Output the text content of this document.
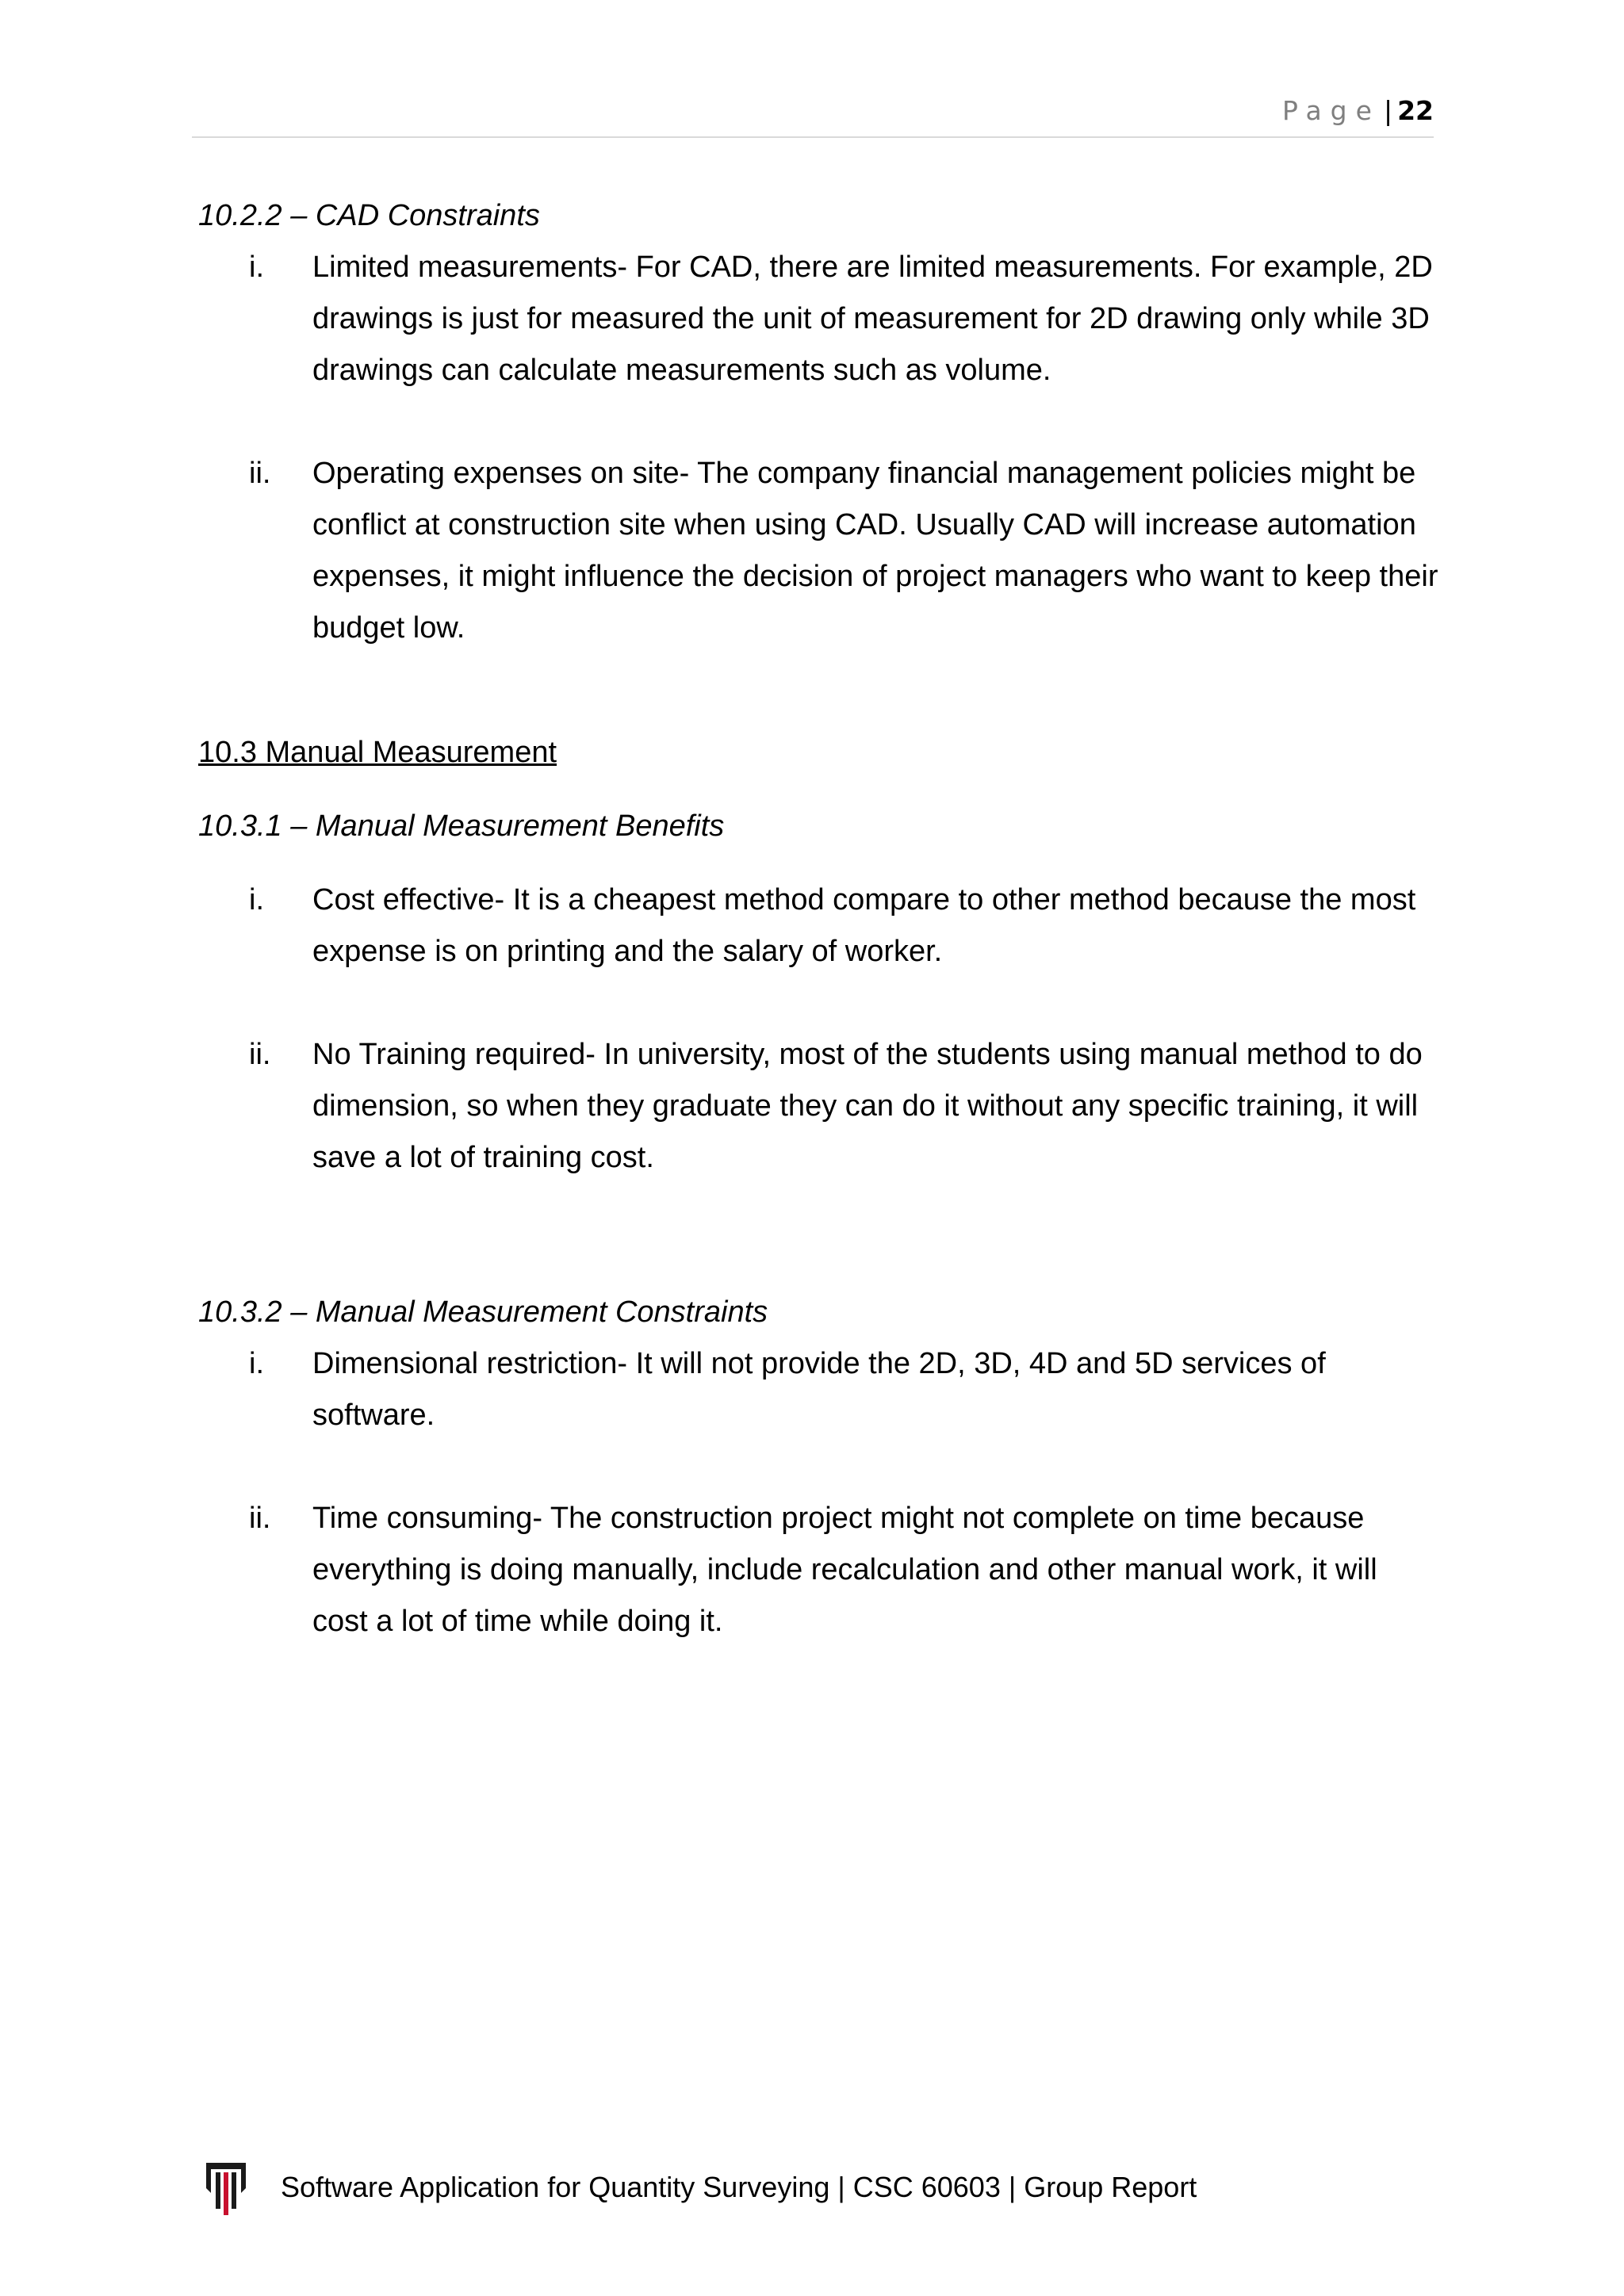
Page | 22

10.2.2 – CAD Constraints

i. Limited measurements- For CAD, there are limited measurements. For example, 2D drawings is just for measured the unit of measurement for 2D drawing only while 3D drawings can calculate measurements such as volume.
ii. Operating expenses on site- The company financial management policies might be conflict at construction site when using CAD. Usually CAD will increase automation expenses, it might influence the decision of project managers who want to keep their budget low.

10.3 Manual Measurement

10.3.1 – Manual Measurement Benefits

i. Cost effective- It is a cheapest method compare to other method because the most expense is on printing and the salary of worker.
ii. No Training required- In university, most of the students using manual method to do dimension, so when they graduate they can do it without any specific training, it will save a lot of training cost.

10.3.2 – Manual Measurement Constraints

i. Dimensional restriction- It will not provide the 2D, 3D, 4D and 5D services of software.
ii. Time consuming- The construction project might not complete on time because everything is doing manually, include recalculation and other manual work, it will cost a lot of time while doing it.
Software Application for Quantity Surveying | CSC 60603 | Group Report
